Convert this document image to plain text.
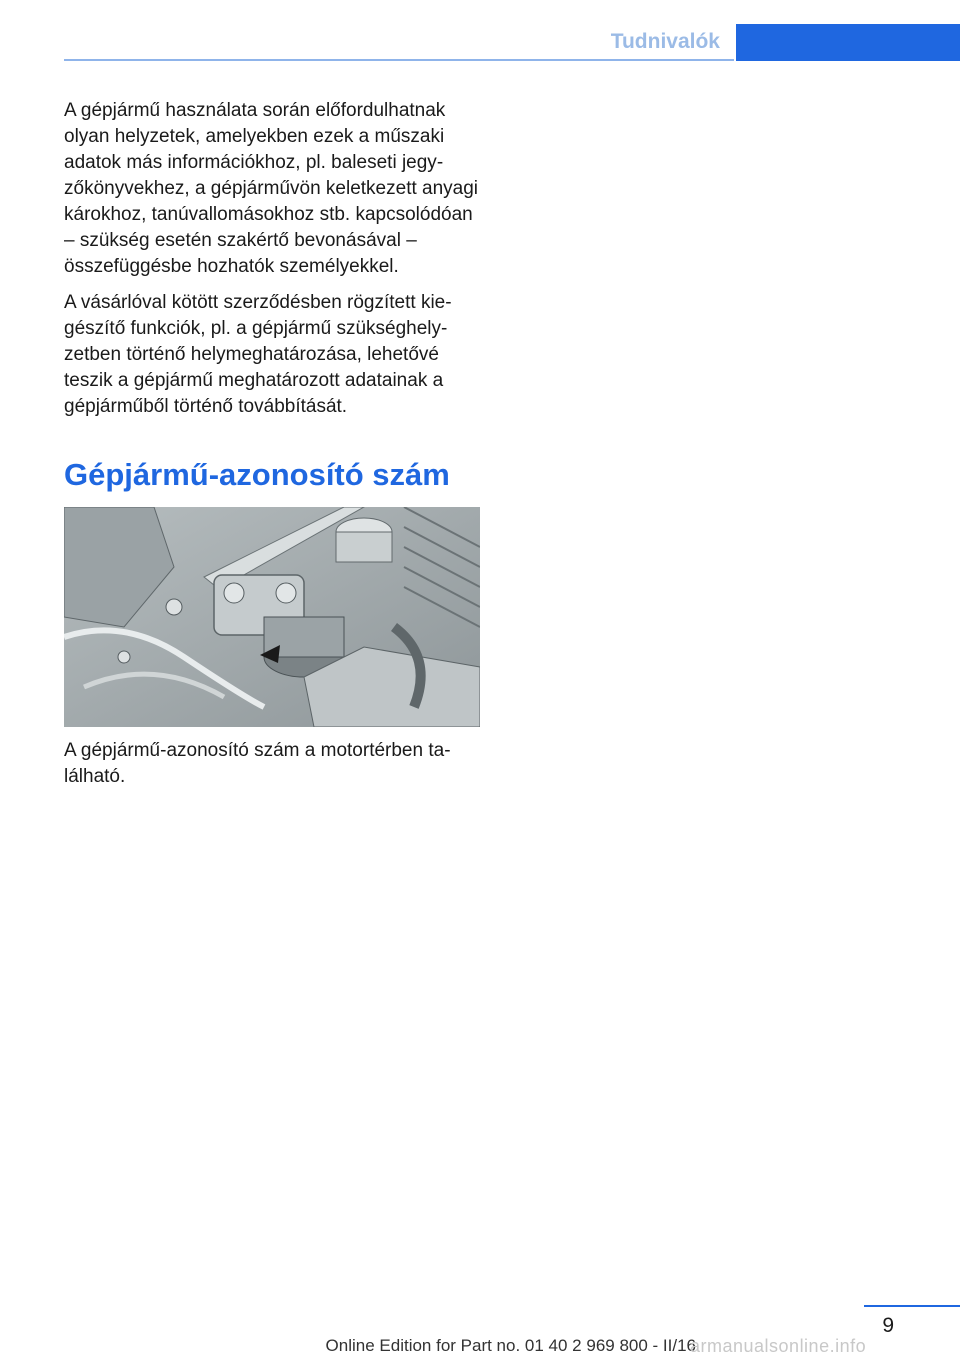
Tudnivalók

A gépjármű használata során előfordulhatnak olyan helyzetek, amelyekben ezek a műszaki adatok más információkhoz, pl. baleseti jegyzőkönyvekhez, a gépjárművön keletkezett anyagi károkhoz, tanúvallomásokhoz stb. kapcsolódóan – szükség esetén szakértő bevonásával – összefüggésbe hozhatók személyekkel.

A vásárlóval kötött szerződésben rögzített kiegészítő funkciók, pl. a gépjármű szükséghelyzetben történő helymeghatározása, lehetővé teszik a gépjármű meghatározott adatainak a gépjárműből történő továbbítását.

Gépjármű-azonosító szám

A gépjármű-azonosító szám a motortérben található.

9
Online Edition for Part no. 01 40 2 969 800 - II/16
armanualsonline.info
